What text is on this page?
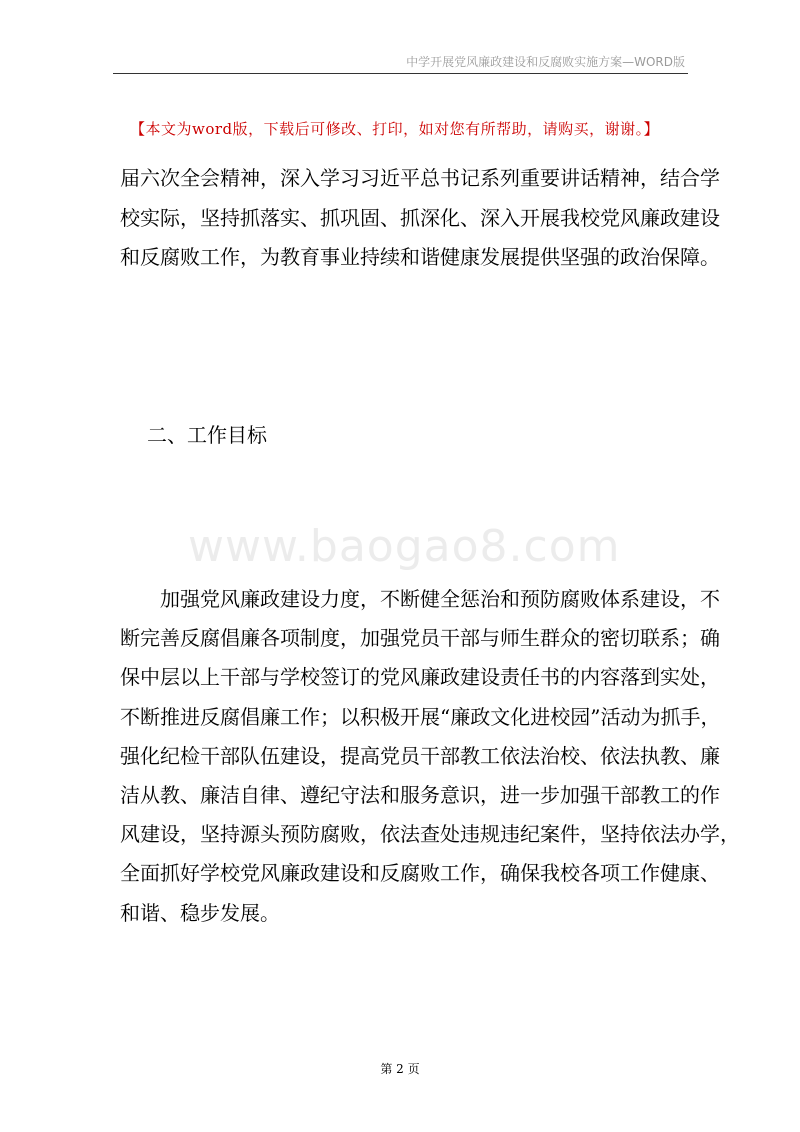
中学开展党风廉政建设和反腐败实施方案—WORD版
【本文为word版，下载后可修改、打印，如对您有所帮助，请购买，谢谢。】

届六次全会精神，深入学习习近平总书记系列重要讲话精神，结合学
校实际，坚持抓落实、抓巩固、抓深化、深入开展我校党风廉政建设
和反腐败工作，为教育事业持续和谐健康发展提供坚强的政治保障。

二、工作目标
www.baogao8.com

　　加强党风廉政建设力度，不断健全惩治和预防腐败体系建设，不
断完善反腐倡廉各项制度，加强党员干部与师生群众的密切联系；确
保中层以上干部与学校签订的党风廉政建设责任书的内容落到实处，
不断推进反腐倡廉工作；以积极开展“廉政文化进校园”活动为抓手，
强化纪检干部队伍建设，提高党员干部教工依法治校、依法执教、廉
洁从教、廉洁自律、遵纪守法和服务意识，进一步加强干部教工的作
风建设，坚持源头预防腐败，依法查处违规违纪案件，坚持依法办学，
全面抓好学校党风廉政建设和反腐败工作，确保我校各项工作健康、
和谐、稳步发展。

第 2 页
